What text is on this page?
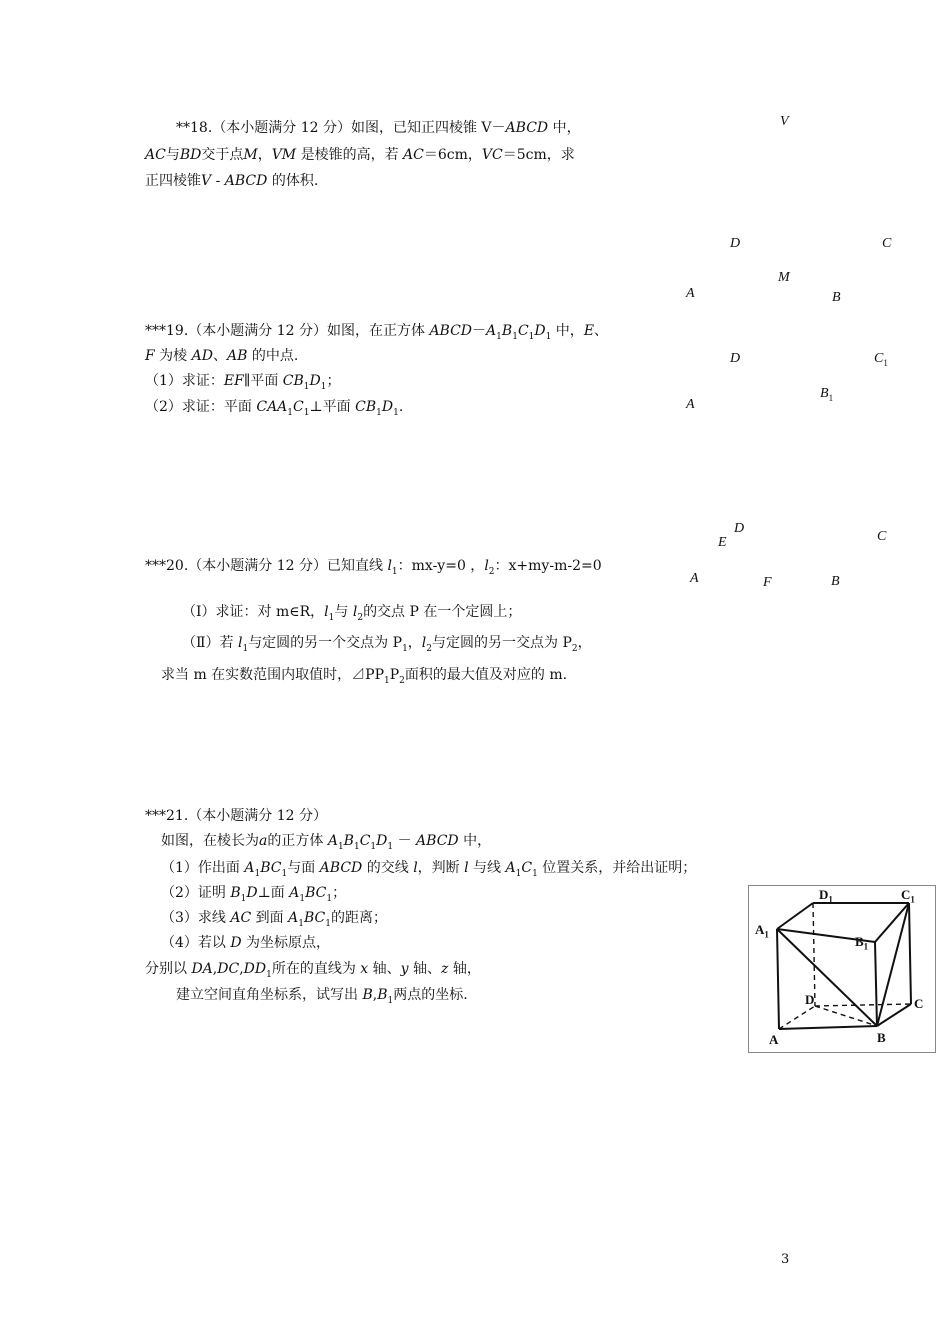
**18.（本小题满分 12 分）如图，已知正四棱锥 V－ABCD 中，
AC与BD交于点M，VM 是棱锥的高，若 AC＝6cm，VC＝5cm，求
正四棱锥V - ABCD 的体积.
V
D	C
A
M
B
***19.（本小题满分 12 分）如图，在正方体 $ABCD-A_1B_1C_1D_1$ 中，E、
F 为棱 AD、AB 的中点.
（1）求证：EF∥平面 $CB_1D_1$；
（2）求证：平面 $CAA_1C_1\perp$平面 $CB_1D_1$.
D	$C_1$
$B_1$
A
D
E	C
A	F	B
***20.（本小题满分 12 分）已知直线 $l_1$：mx-y=0 ，$l_2$：x+my-m-2=0
（Ⅰ）求证：对 m∈R，$l_1$与 $l_2$的交点 P 在一个定圆上；
（Ⅱ）若 $l_1$与定圆的另一个交点为 $P_1$，$l_2$与定圆的另一交点为 $P_2$，
求当 m 在实数范围内取值时，$⊿PP_1P_2$面积的最大值及对应的 m.
***21.（本小题满分 12 分）
如图，在棱长为a的正方体 $A_1B_1C_1D_1$ － ABCD 中，
（1）作出面 $A_1BC_1$与面 ABCD 的交线 l，判断 l 与线 $A_1C_1$ 位置关系，并给出证明；
（2）证明 $B_1D\perp$面 $A_1BC_1$；
（3）求线 AC 到面 $A_1BC_1$的距离；
（4）若以 D 为坐标原点，
分别以 $DA,DC,DD_1$所在的直线为 x 轴、y 轴、z 轴，
建立空间直角坐标系，试写出 $B,B_1$两点的坐标.
$D_1$	$C_1$
$A_1$	$B_1$
D	C
A	B
3
